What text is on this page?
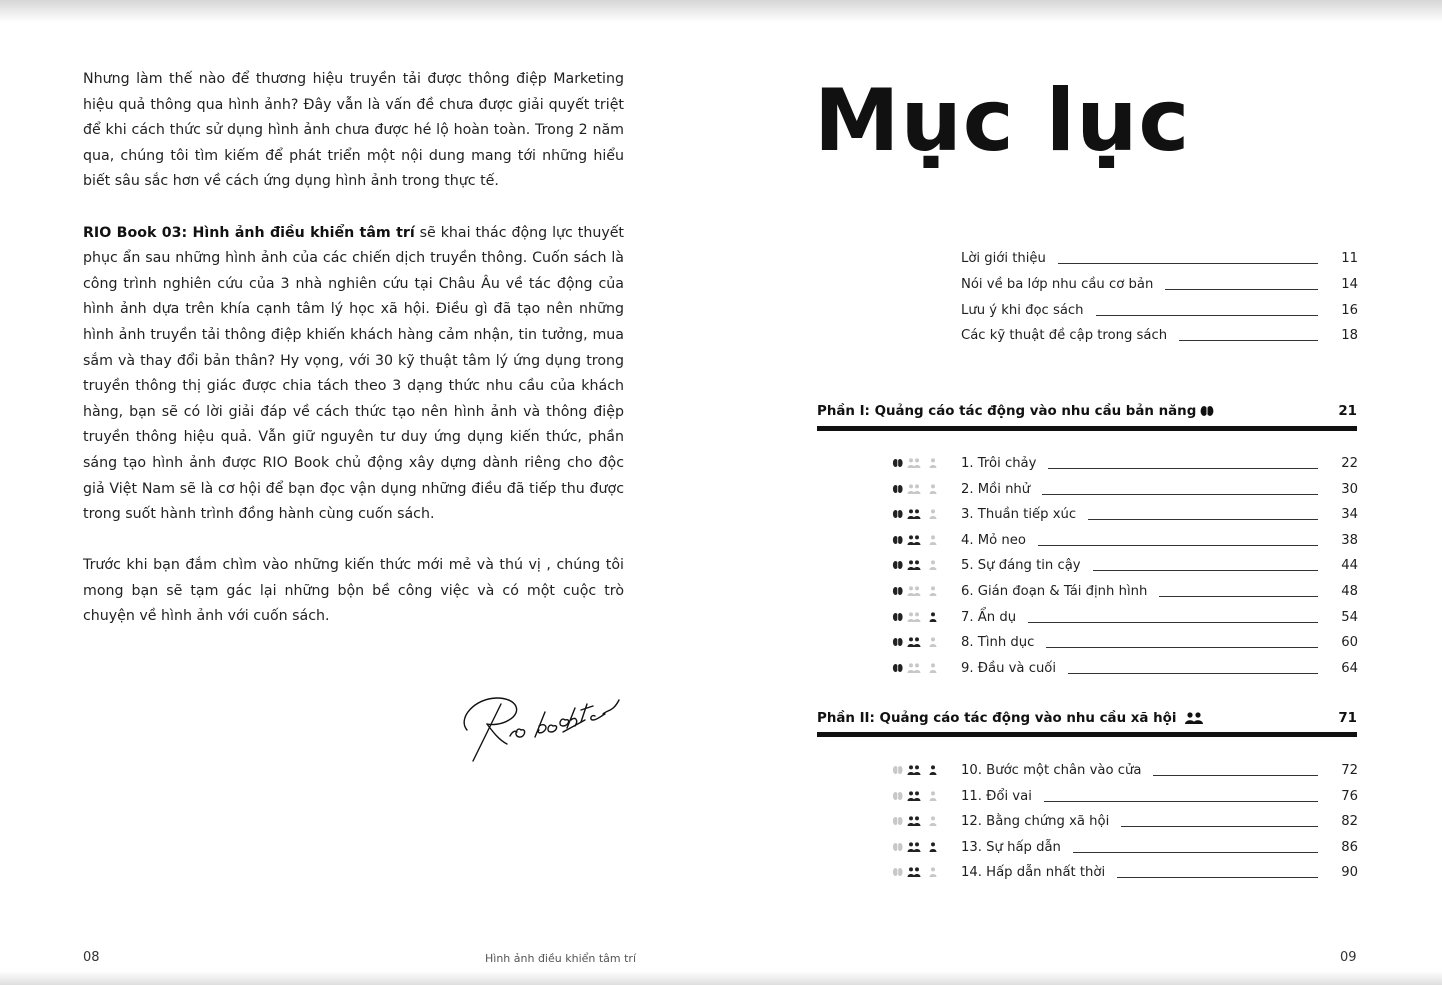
Nhưng làm thế nào để thương hiệu truyền tải được thông điệp Marketing hiệu quả thông qua hình ảnh? Đây vẫn là vấn đề chưa được giải quyết triệt để khi cách thức sử dụng hình ảnh chưa được hé lộ hoàn toàn. Trong 2 năm qua, chúng tôi tìm kiếm để phát triển một nội dung mang tới những hiểu biết sâu sắc hơn về cách ứng dụng hình ảnh trong thực tế.

RIO Book 03: Hình ảnh điều khiển tâm trí sẽ khai thác động lực thuyết phục ẩn sau những hình ảnh của các chiến dịch truyền thông. Cuốn sách là công trình nghiên cứu của 3 nhà nghiên cứu tại Châu Âu về tác động của hình ảnh dựa trên khía cạnh tâm lý học xã hội. Điều gì đã tạo nên những hình ảnh truyền tải thông điệp khiến khách hàng cảm nhận, tin tưởng, mua sắm và thay đổi bản thân? Hy vọng, với 30 kỹ thuật tâm lý ứng dụng trong truyền thông thị giác được chia tách theo 3 dạng thức nhu cầu của khách hàng, bạn sẽ có lời giải đáp về cách thức tạo nên hình ảnh và thông điệp truyền thông hiệu quả. Vẫn giữ nguyên tư duy ứng dụng kiến thức, phần sáng tạo hình ảnh được RIO Book chủ động xây dựng dành riêng cho độc giả Việt Nam sẽ là cơ hội để bạn đọc vận dụng những điều đã tiếp thu được trong suốt hành trình đồng hành cùng cuốn sách.

Trước khi bạn đắm chìm vào những kiến thức mới mẻ và thú vị , chúng tôi mong bạn sẽ tạm gác lại những bộn bề công việc và có một cuộc trò chuyện về hình ảnh với cuốn sách.

08	Hình ảnh điều khiển tâm trí
Mục lục
Lời giới thiệu	11
Nói về ba lớp nhu cầu cơ bản	14
Lưu ý khi đọc sách	16
Các kỹ thuật đề cập trong sách	18
Phần I: Quảng cáo tác động vào nhu cầu bản năng	21
1. Trôi chảy	22
2. Mồi nhử	30
3. Thuần tiếp xúc	34
4. Mỏ neo	38
5. Sự đáng tin cậy	44
6. Gián đoạn & Tái định hình	48
7. Ẩn dụ	54
8. Tình dục	60
9. Đầu và cuối	64
Phần II: Quảng cáo tác động vào nhu cầu xã hội	71
10. Bước một chân vào cửa	72
11. Đổi vai	76
12. Bằng chứng xã hội	82
13. Sự hấp dẫn	86
14. Hấp dẫn nhất thời	90
09
